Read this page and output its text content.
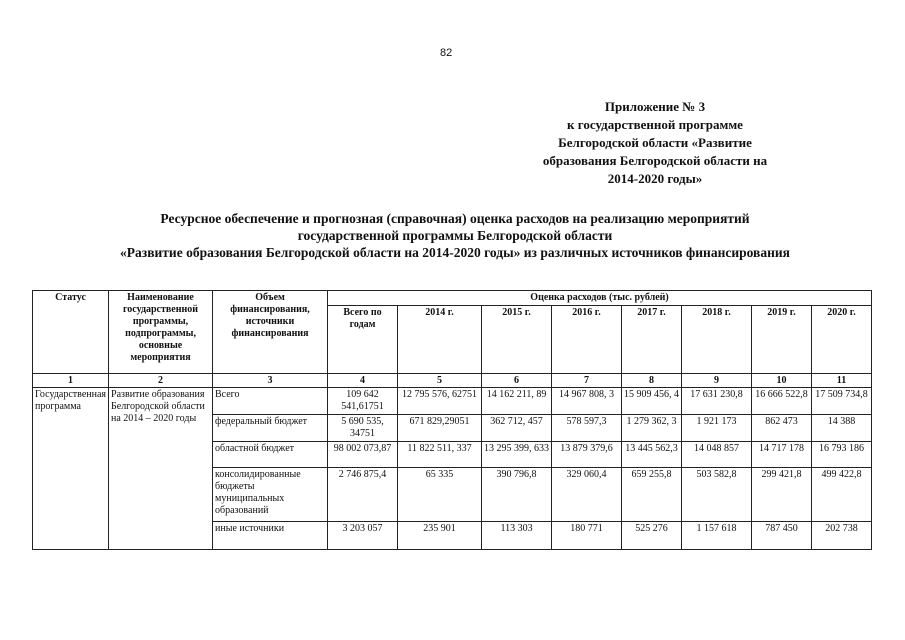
82
Приложение № 3
к государственной программе
Белгородской области «Развитие
образования Белгородской области на
2014-2020 годы»
Ресурсное обеспечение и прогнозная (справочная) оценка расходов на реализацию мероприятий
государственной программы Белгородской области
«Развитие образования Белгородской области на 2014-2020 годы» из различных источников финансирования
Статус	Наименование государственной программы, подпрограммы, основные мероприятия	Объем финансирования, источники финансирования	Оценка расходов (тыс. рублей)							
			Всего по годам	2014 г.	2015 г.	2016 г.	2017 г.	2018 г.	2019 г.	2020 г.
1	2	3	4	5	6	7	8	9	10	11
Государственная программа	Развитие образования Белгородской области на 2014 – 2020 годы	Всего	109 642 541,61751	12 795 576, 62751	14 162 211, 89	14 967 808, 3	15 909 456, 4	17 631 230,8	16 666 522,8	17 509 734,8
		федеральный бюджет	5 690 535, 34751	671 829,29051	362 712, 457	578 597,3	1 279 362, 3	1 921 173	862 473	14 388
		областной бюджет	98 002 073,87	11 822 511, 337	13 295 399, 633	13 879 379,6	13 445 562,3	14 048 857	14 717 178	16 793 186
		консолидированные бюджеты муниципальных образований	2 746 875,4	65 335	390 796,8	329 060,4	659 255,8	503 582,8	299 421,8	499 422,8
		иные источники	3 203 057	235 901	113 303	180 771	525 276	1 157 618	787 450	202 738
